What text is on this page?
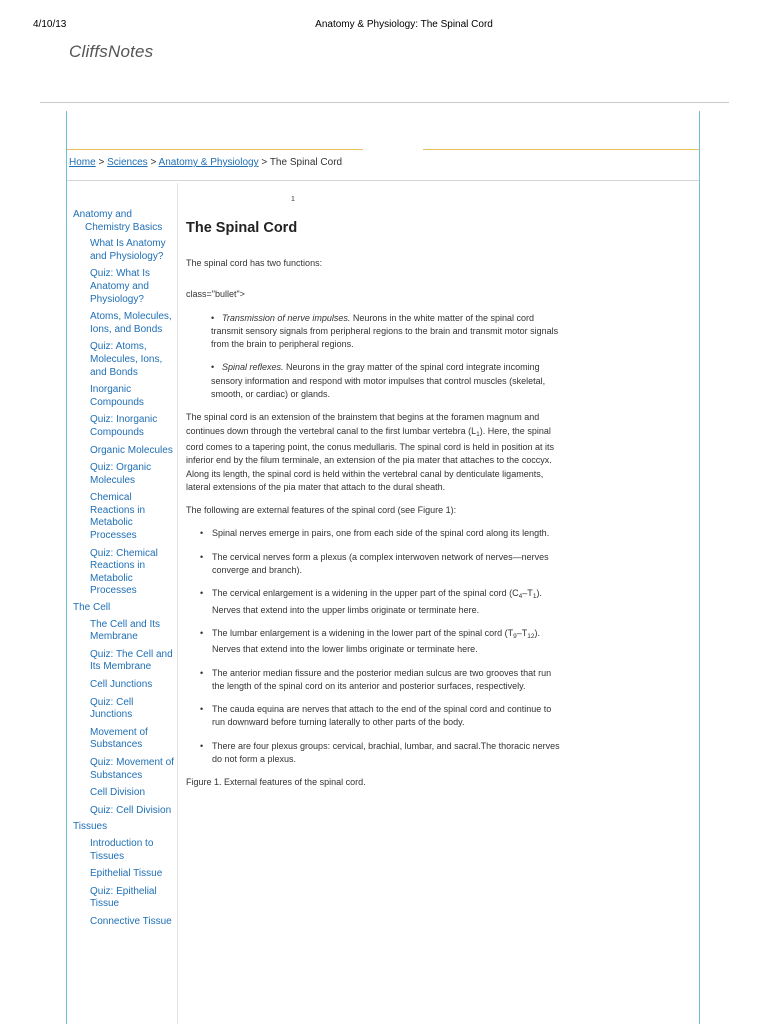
4/10/13	Anatomy & Physiology: The Spinal Cord
CliffsNotes
Home > Sciences > Anatomy & Physiology > The Spinal Cord
1
Anatomy and Chemistry Basics
What Is Anatomy and Physiology?
Quiz: What Is Anatomy and Physiology?
Atoms, Molecules, Ions, and Bonds
Quiz: Atoms, Molecules, Ions, and Bonds
Inorganic Compounds
Quiz: Inorganic Compounds
Organic Molecules
Quiz: Organic Molecules
Chemical Reactions in Metabolic Processes
Quiz: Chemical Reactions in Metabolic Processes
The Cell
The Cell and Its Membrane
Quiz: The Cell and Its Membrane
Cell Junctions
Quiz: Cell Junctions
Movement of Substances
Quiz: Movement of Substances
Cell Division
Quiz: Cell Division
Tissues
Introduction to Tissues
Epithelial Tissue
Quiz: Epithelial Tissue
Connective Tissue
The Spinal Cord

The spinal cord has two functions:

class="bullet">

• Transmission of nerve impulses. Neurons in the white matter of the spinal cord transmit sensory signals from peripheral regions to the brain and transmit motor signals from the brain to peripheral regions.
• Spinal reflexes. Neurons in the gray matter of the spinal cord integrate incoming sensory information and respond with motor impulses that control muscles (skeletal, smooth, or cardiac) or glands.

The spinal cord is an extension of the brainstem that begins at the foramen magnum and continues down through the vertebral canal to the first lumbar vertebra $(L_1)$. Here, the spinal cord comes to a tapering point, the conus medullaris. The spinal cord is held in position at its inferior end by the filum terminale, an extension of the pia mater that attaches to the coccyx. Along its length, the spinal cord is held within the vertebral canal by denticulate ligaments, lateral extensions of the pia mater that attach to the dural sheath.

The following are external features of the spinal cord (see Figure 1):

• Spinal nerves emerge in pairs, one from each side of the spinal cord along its length.
• The cervical nerves form a plexus (a complex interwoven network of nerves—nerves converge and branch).
• The cervical enlargement is a widening in the upper part of the spinal cord $(C_4-T_1)$. Nerves that extend into the upper limbs originate or terminate here.
• The lumbar enlargement is a widening in the lower part of the spinal cord $(T_9-T_{12})$. Nerves that extend into the lower limbs originate or terminate here.
• The anterior median fissure and the posterior median sulcus are two grooves that run the length of the spinal cord on its anterior and posterior surfaces, respectively.
• The cauda equina are nerves that attach to the end of the spinal cord and continue to run downward before turning laterally to other parts of the body.
• There are four plexus groups: cervical, brachial, lumbar, and sacral.The thoracic nerves do not form a plexus.

Figure 1. External features of the spinal cord.
